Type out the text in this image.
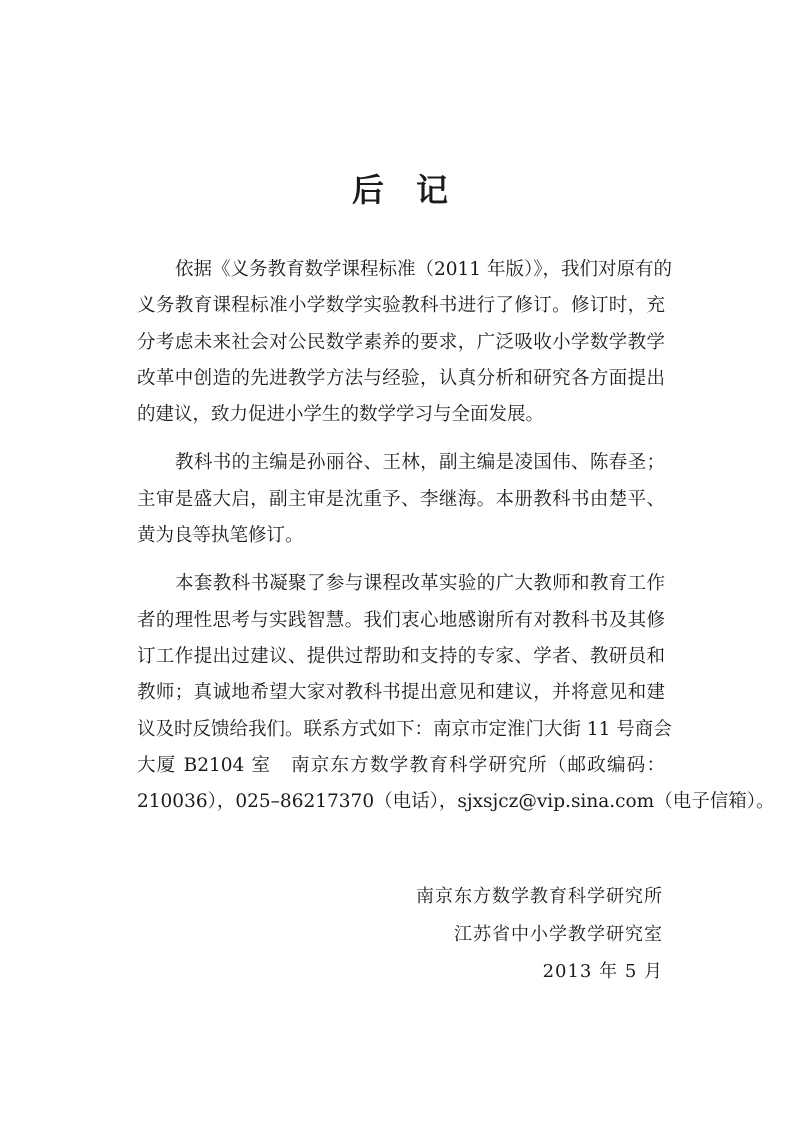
后　记
依据《义务教育数学课程标准（2011 年版）》，我们对原有的
义务教育课程标准小学数学实验教科书进行了修订。修订时，充
分考虑未来社会对公民数学素养的要求，广泛吸收小学数学教学
改革中创造的先进教学方法与经验，认真分析和研究各方面提出
的建议，致力促进小学生的数学学习与全面发展。
教科书的主编是孙丽谷、王林，副主编是凌国伟、陈春圣；
主审是盛大启，副主审是沈重予、李继海。本册教科书由楚平、
黄为良等执笔修订。
本套教科书凝聚了参与课程改革实验的广大教师和教育工作
者的理性思考与实践智慧。我们衷心地感谢所有对教科书及其修
订工作提出过建议、提供过帮助和支持的专家、学者、教研员和
教师；真诚地希望大家对教科书提出意见和建议，并将意见和建
议及时反馈给我们。联系方式如下：南京市定淮门大街 11 号商会
大厦 B2104 室　南京东方数学教育科学研究所（邮政编码：
210036），025–86217370（电话），sjxsjcz@vip.sina.com（电子信箱）。
南京东方数学教育科学研究所
江苏省中小学教学研究室
2013 年 5 月
